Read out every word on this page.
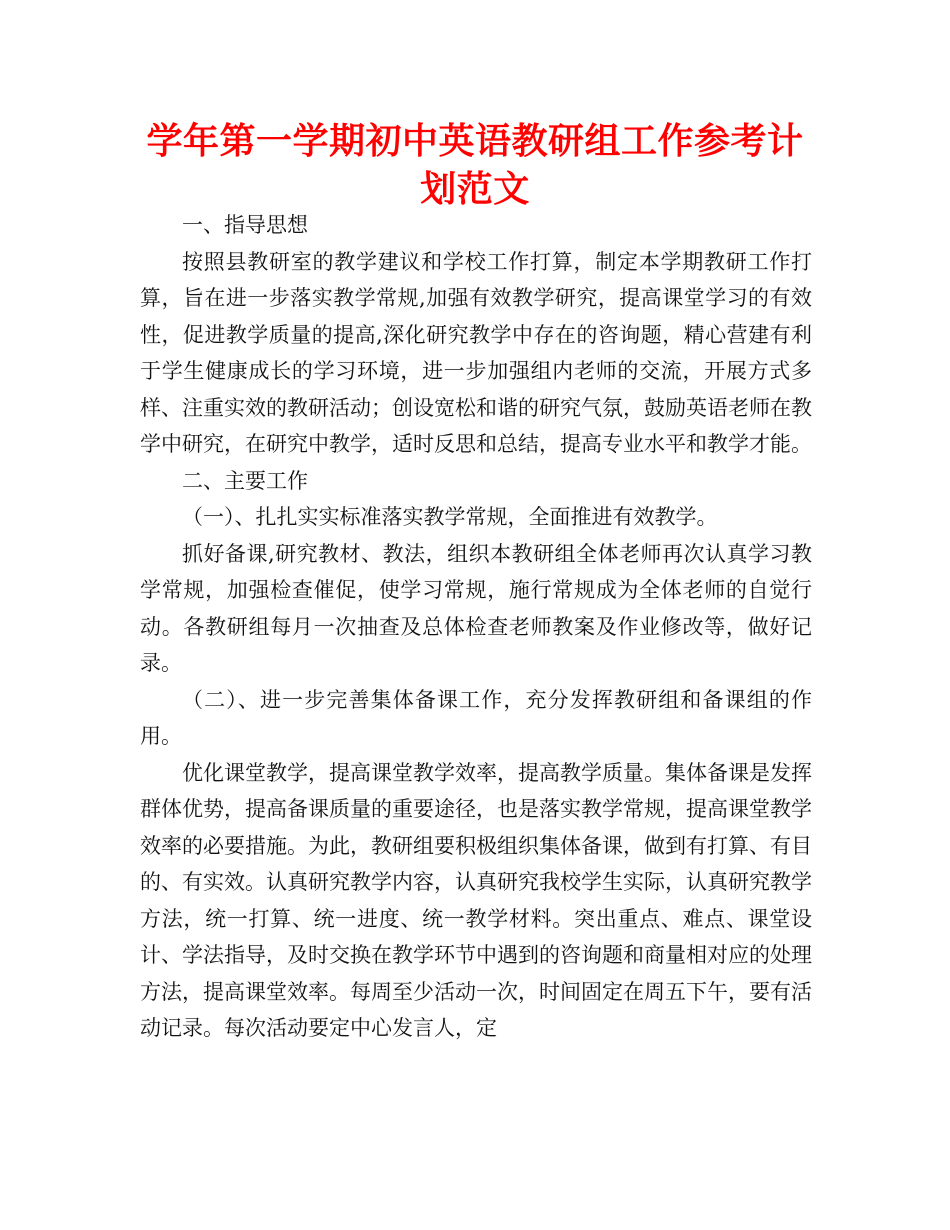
学年第一学期初中英语教研组工作参考计划范文

一、指导思想

按照县教研室的教学建议和学校工作打算，制定本学期教研工作打算，旨在进一步落实教学常规,加强有效教学研究，提高课堂学习的有效性，促进教学质量的提高,深化研究教学中存在的咨询题，精心营建有利于学生健康成长的学习环境，进一步加强组内老师的交流，开展方式多样、注重实效的教研活动；创设宽松和谐的研究气氛，鼓励英语老师在教学中研究，在研究中教学，适时反思和总结，提高专业水平和教学才能。

二、主要工作

（一）、扎扎实实标准落实教学常规，全面推进有效教学。

抓好备课,研究教材、教法，组织本教研组全体老师再次认真学习教学常规，加强检查催促，使学习常规，施行常规成为全体老师的自觉行动。各教研组每月一次抽查及总体检查老师教案及作业修改等，做好记录。

（二）、进一步完善集体备课工作，充分发挥教研组和备课组的作用。

优化课堂教学，提高课堂教学效率，提高教学质量。集体备课是发挥群体优势，提高备课质量的重要途径，也是落实教学常规，提高课堂教学效率的必要措施。为此，教研组要积极组织集体备课，做到有打算、有目的、有实效。认真研究教学内容，认真研究我校学生实际，认真研究教学方法，统一打算、统一进度、统一教学材料。突出重点、难点、课堂设计、学法指导，及时交换在教学环节中遇到的咨询题和商量相对应的处理方法，提高课堂效率。每周至少活动一次，时间固定在周五下午，要有活动记录。每次活动要定中心发言人，定
